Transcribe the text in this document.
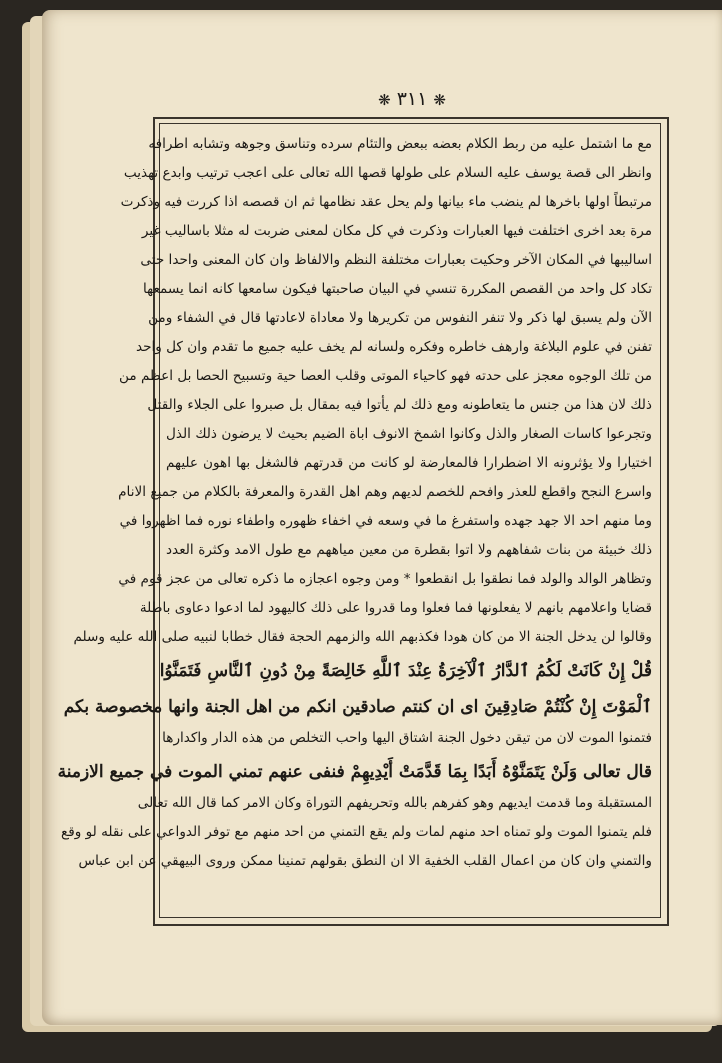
❋ ٣١١ ❋
مع ما اشتمل عليه من ربط الكلام بعضه ببعض والتئام سرده وتناسق وجوهه وتشابه اطرافه
وانظر الى قصة يوسف عليه السلام على طولها قصها الله تعالى على اعجب ترتيب وابدع تهذيب
مرتبطاً اولها باخرها لم ينضب ماء بيانها ولم يحل عقد نظامها ثم ان قصصه اذا كررت فيه وذكرت
مرة بعد اخرى اختلفت فيها العبارات وذكرت في كل مكان لمعنى ضربت له مثلا باساليب غير
اساليبها في المكان الآخر وحكيت بعبارات مختلفة النظم والالفاظ وان كان المعنى واحدا حتى
تكاد كل واحد من القصص المكررة تنسي في البيان صاحبتها فيكون سامعها كانه انما يسمعها
الآن ولم يسبق لها ذكر ولا تنفر النفوس من تكريرها ولا معاداة لاعادتها قال في الشفاء ومن
تفنن في علوم البلاغة وارهف خاطره وفكره ولسانه لم يخف عليه جميع ما تقدم وان كل واحد
من تلك الوجوه معجز على حدته فهو كاحياء الموتى وقلب العصا حية وتسبيح الحصا بل اعظم من
ذلك لان هذا من جنس ما يتعاطونه ومع ذلك لم يأتوا فيه بمقال بل صبروا على الجلاء والقتل
وتجرعوا كاسات الصغار والذل وكانوا اشمخ الانوف اباة الضيم بحيث لا يرضون ذلك الذل
اختيارا ولا يؤثرونه الا اضطرارا فالمعارضة لو كانت من قدرتهم فالشغل بها اهون عليهم
واسرع النجح واقطع للعذر وافحم للخصم لديهم وهم اهل القدرة والمعرفة بالكلام من جميع الانام
وما منهم احد الا جهد جهده واستفرغ ما في وسعه في اخفاء ظهوره واطفاء نوره فما اظهروا في
ذلك خبيئة من بنات شفاههم ولا اتوا بقطرة من معين مياههم مع طول الامد وكثرة العدد
وتظاهر الوالد والولد فما نطقوا بل انقطعوا * ومن وجوه اعجازه ما ذكره تعالى من عجز قوم في
قضايا واعلامهم بانهم لا يفعلونها فما فعلوا وما قدروا على ذلك كاليهود لما ادعوا دعاوى باطلة
وقالوا لن يدخل الجنة الا من كان هودا فكذبهم الله والزمهم الحجة فقال خطابا لنبيه صلى الله عليه وسلم
قُلْ إِنْ كَانَتْ لَكُمُ ٱلدَّارُ ٱلْآخِرَةُ عِنْدَ ٱللَّهِ خَالِصَةً مِنْ دُونِ ٱلنَّاسِ فَتَمَنَّوُا
ٱلْمَوْتَ إِنْ كُنْتُمْ صَادِقِينَ ای ان كنتم صادقين انكم من اهل الجنة وانها مخصوصة بكم
فتمنوا الموت لان من تيقن دخول الجنة اشتاق اليها واحب التخلص من هذه الدار واكدارها
قال تعالى وَلَنْ يَتَمَنَّوْهُ أَبَدًا بِمَا قَدَّمَتْ أَيْدِيهِمْ فنفى عنهم تمني الموت في جميع الازمنة
المستقبلة وما قدمت ايديهم وهو كفرهم بالله وتحريفهم التوراة وكان الامر كما قال الله تعالى
فلم يتمنوا الموت ولو تمناه احد منهم لمات ولم يقع التمني من احد منهم مع توفر الدواعي على نقله لو وقع
والتمني وان كان من اعمال القلب الخفية الا ان النطق بقولهم تمنينا ممكن وروى البيهقي عن ابن عباس
